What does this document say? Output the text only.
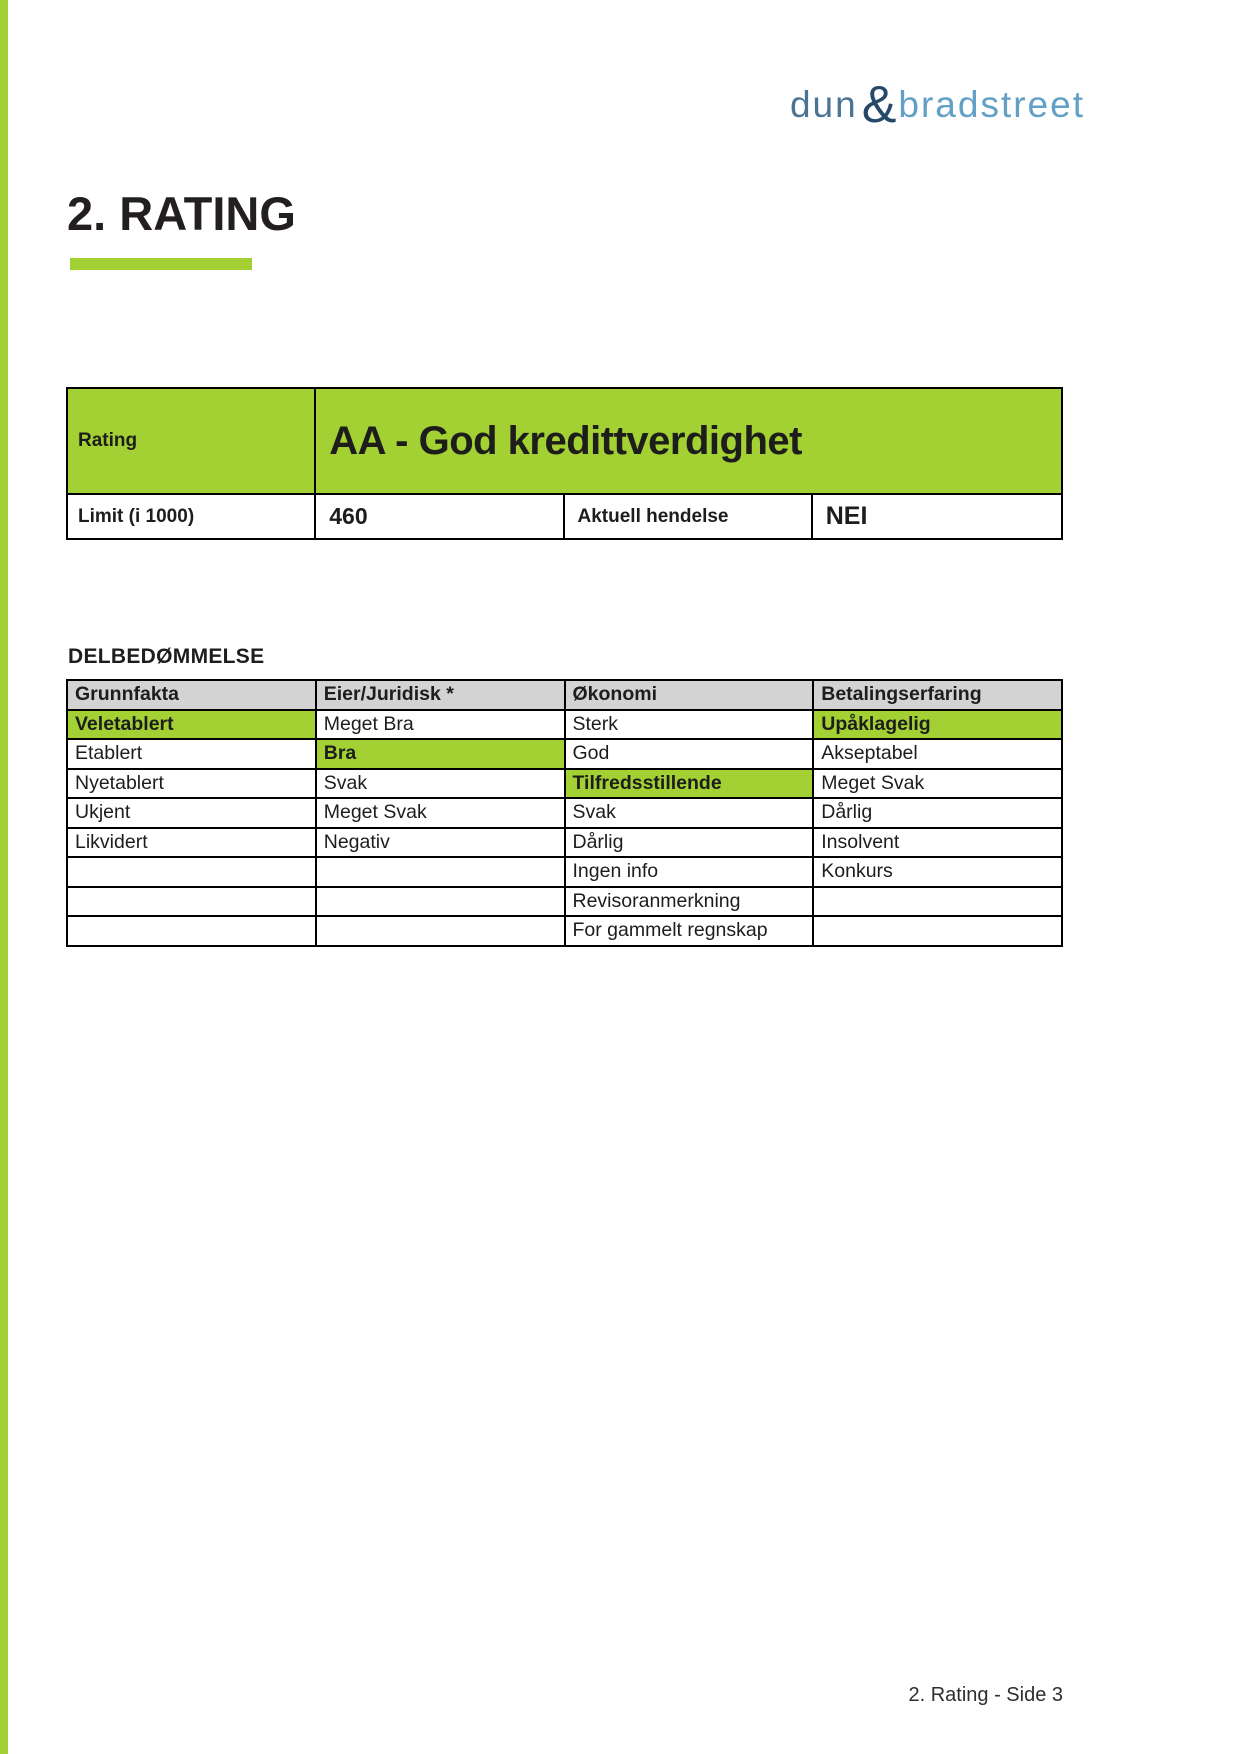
dun & bradstreet
2. RATING
Rating	AA - God kredittverdighet
Limit (i 1000)	460	Aktuell hendelse	NEI
DELBEDØMMELSE
Grunnfakta	Eier/Juridisk *	Økonomi	Betalingserfaring
Veletablert	Meget Bra	Sterk	Upåklagelig
Etablert	Bra	God	Akseptabel
Nyetablert	Svak	Tilfredsstillende	Meget Svak
Ukjent	Meget Svak	Svak	Dårlig
Likvidert	Negativ	Dårlig	Insolvent
		Ingen info	Konkurs
		Revisoranmerkning	
		For gammelt regnskap	
2. Rating - Side 3
